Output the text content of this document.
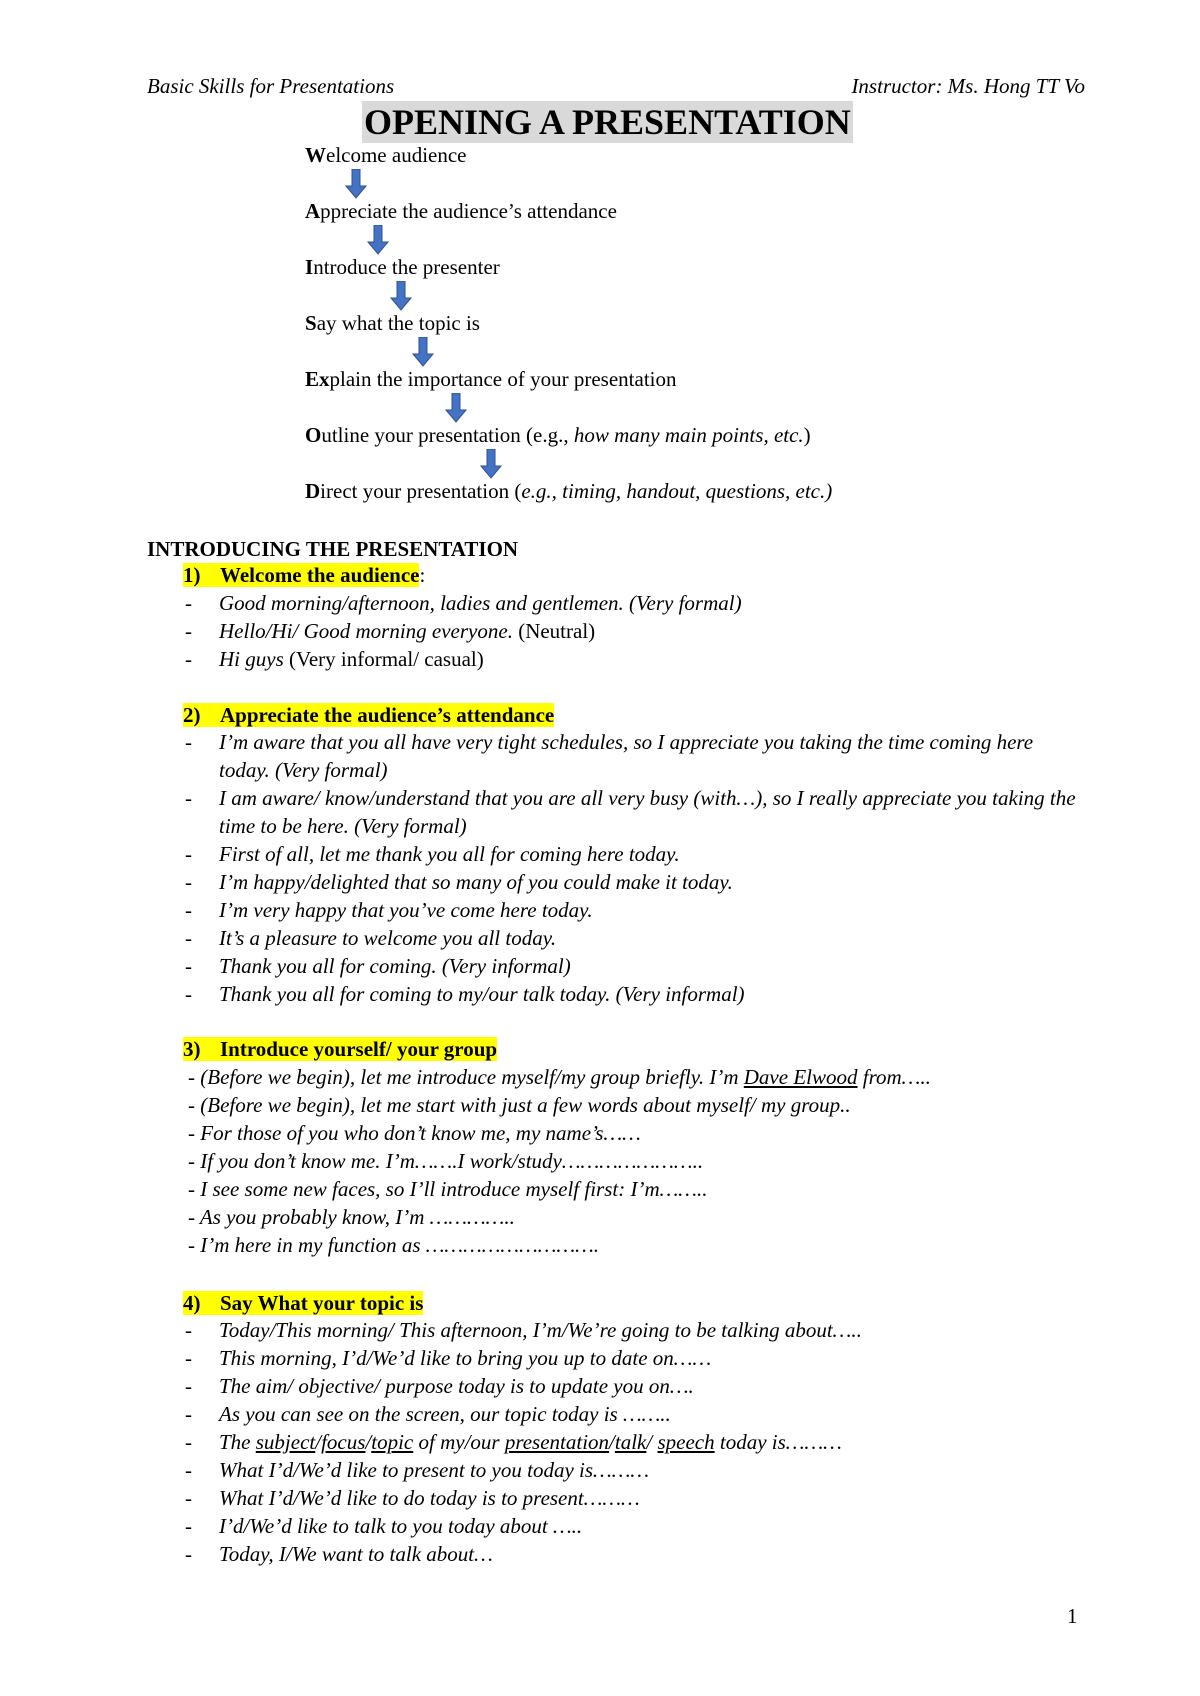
Basic Skills for Presentations	Instructor: Ms. Hong TT Vo
OPENING A PRESENTATION
Welcome audience
Appreciate the audience’s attendance
Introduce the presenter
Say what the topic is
Explain the importance of your presentation
Outline your presentation (e.g., how many main points, etc.)
Direct your presentation (e.g., timing, handout, questions, etc.)
INTRODUCING THE PRESENTATION
1) Welcome the audience:
- Good morning/afternoon, ladies and gentlemen. (Very formal)
- Hello/Hi/ Good morning everyone. (Neutral)
- Hi guys (Very informal/ casual)
2) Appreciate the audience’s attendance
- I’m aware that you all have very tight schedules, so I appreciate you taking the time coming here today. (Very formal)
- I am aware/ know/understand that you are all very busy (with…), so I really appreciate you taking the time to be here. (Very formal)
- First of all, let me thank you all for coming here today.
- I’m happy/delighted that so many of you could make it today.
- I’m very happy that you’ve come here today.
- It’s a pleasure to welcome you all today.
- Thank you all for coming. (Very informal)
- Thank you all for coming to my/our talk today. (Very informal)
3) Introduce yourself/ your group
- (Before we begin), let me introduce myself/my group briefly. I’m Dave Elwood from…..
- (Before we begin), let me start with just a few words about myself/ my group..
- For those of you who don’t know me, my name’s……
- If you don’t know me. I’m…….I work/study…………………..
- I see some new faces, so I’ll introduce myself first: I’m……..
- As you probably know, I’m …………..
- I’m here in my function as ……………………….
4) Say What your topic is
- Today/This morning/ This afternoon, I’m/We’re going to be talking about…..
- This morning, I’d/We’d like to bring you up to date on……
- The aim/ objective/ purpose today is to update you on….
- As you can see on the screen, our topic today is ……..
- The subject/focus/topic of my/our presentation/talk/ speech today is………
- What I’d/We’d like to present to you today is………
- What I’d/We’d like to do today is to present………
- I’d/We’d like to talk to you today about …..
- Today, I/We want to talk about…
1
